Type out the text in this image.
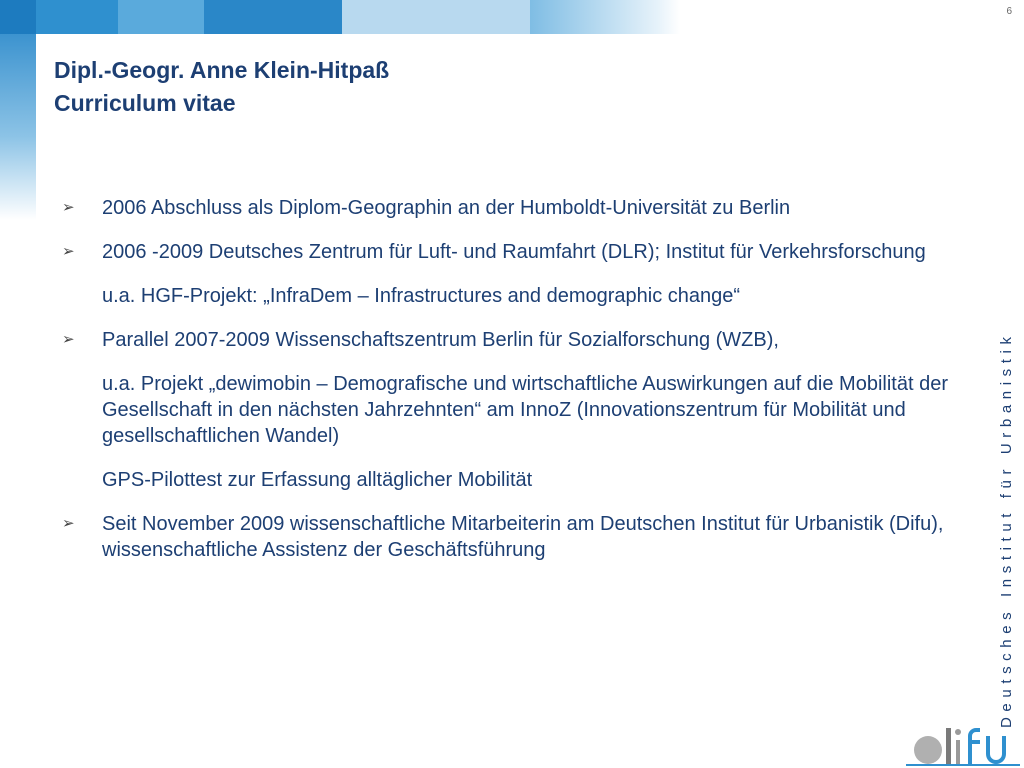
6
Dipl.-Geogr. Anne Klein-Hitpaß
Curriculum vitae
➢ 2006 Abschluss als Diplom-Geographin an der Humboldt-Universität zu Berlin
➢ 2006 -2009 Deutsches Zentrum für Luft- und Raumfahrt (DLR); Institut für Verkehrsforschung
u.a. HGF-Projekt: „InfraDem – Infrastructures and demographic change“
➢ Parallel 2007-2009 Wissenschaftszentrum Berlin für Sozialforschung (WZB),
u.a. Projekt „dewimobin – Demografische und wirtschaftliche Auswirkungen auf die Mobilität der Gesellschaft in den nächsten Jahrzehnten“ am InnoZ (Innovationszentrum für Mobilität und gesellschaftlichen Wandel)
GPS-Pilottest zur Erfassung alltäglicher Mobilität
➢ Seit November 2009 wissenschaftliche Mitarbeiterin am Deutschen Institut für Urbanistik (Difu), wissenschaftliche Assistenz der Geschäftsführung	Deutsches Institut für Urbanistik
